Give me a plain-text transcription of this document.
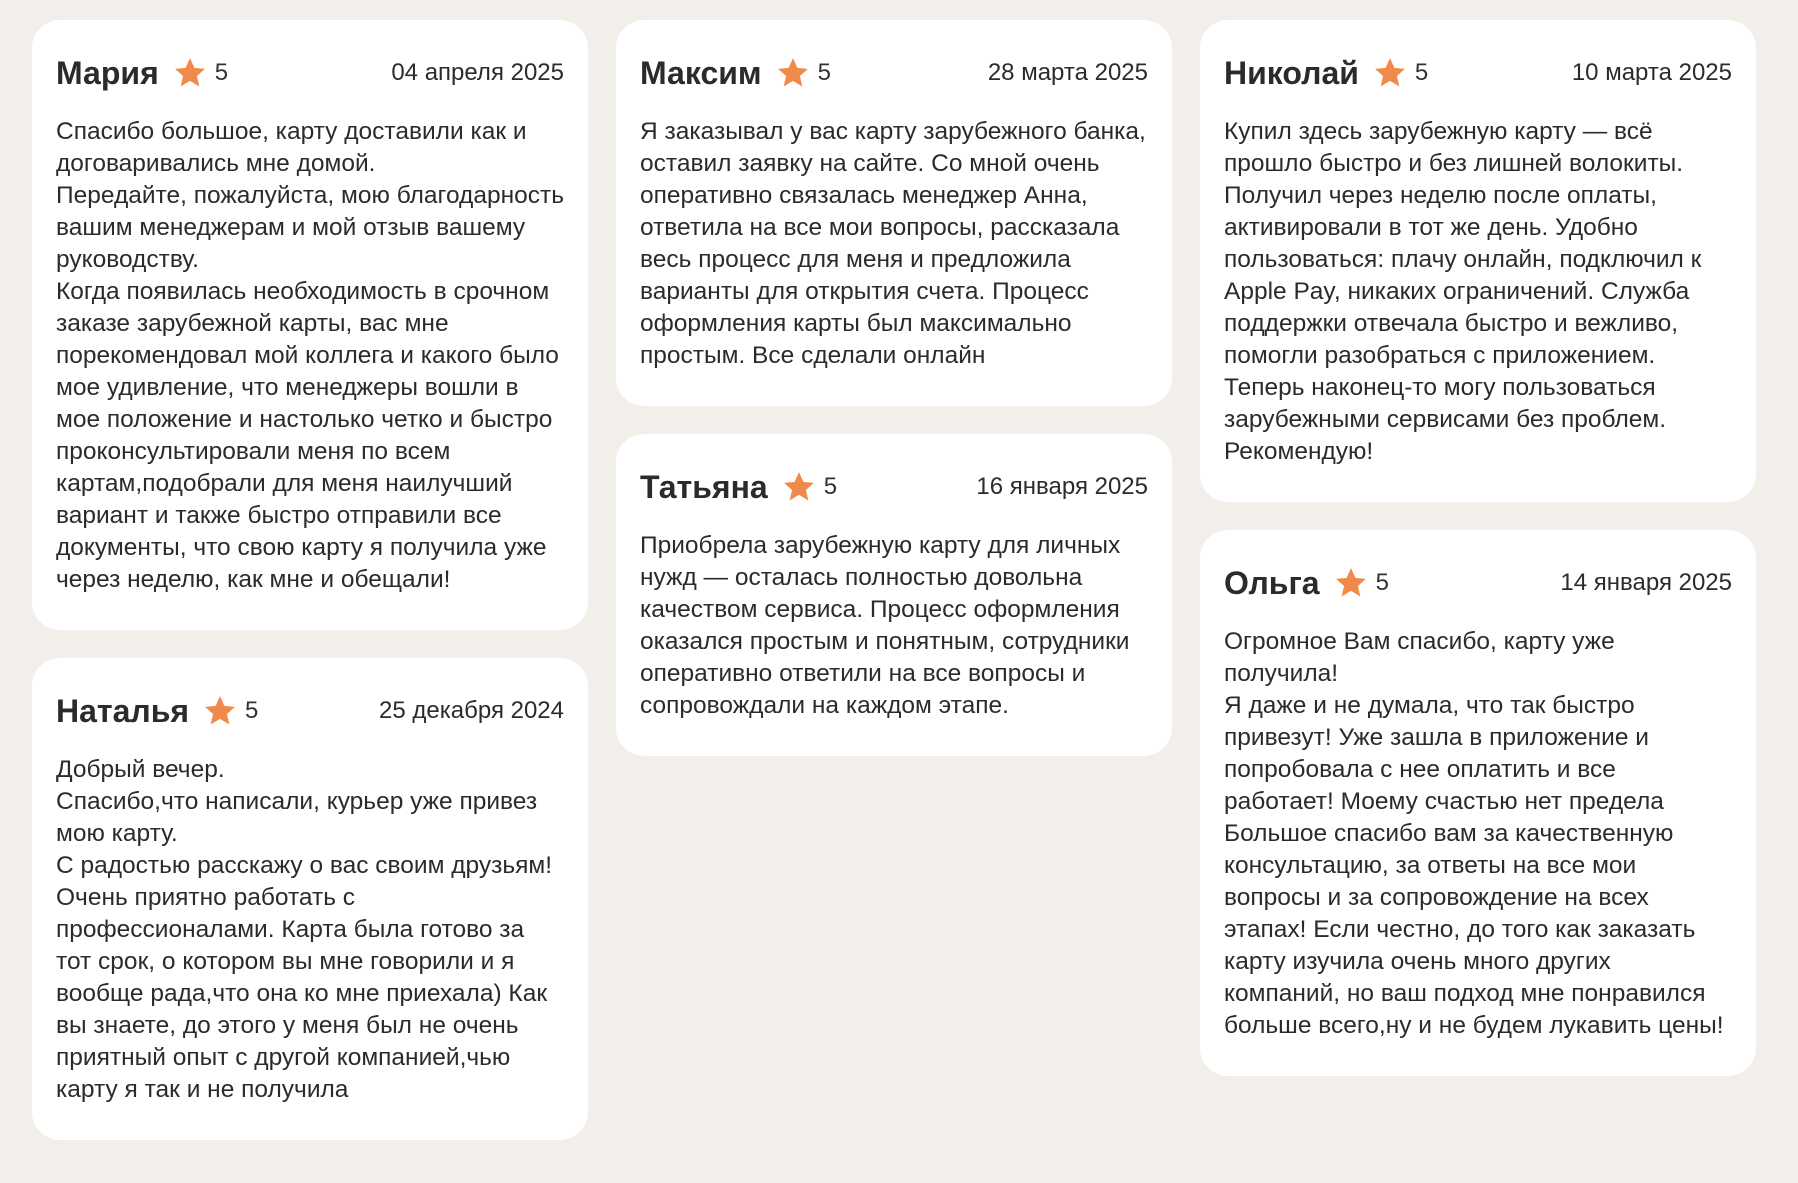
Мария 5	04 апреля 2025
Спасибо большое, карту доставили как и договаривались мне домой.
Передайте, пожалуйста, мою благодарность вашим менеджерам и мой отзыв вашему руководству.
Когда появилась необходимость в срочном заказе зарубежной карты, вас мне порекомендовал мой коллега и какого было мое удивление, что менеджеры вошли в мое положение и настолько четко и быстро проконсультировали меня по всем картам,подобрали для меня наилучший вариант и также быстро отправили все документы, что свою карту я получила уже через неделю, как мне и обещали!
Наталья 5	25 декабря 2024
Добрый вечер.
Спасибо,что написали, курьер уже привез мою карту.
С радостью расскажу о вас своим друзьям! Очень приятно работать с профессионалами. Карта была готово за тот срок, о котором вы мне говорили и я вообще рада,что она ко мне приехала) Как вы знаете, до этого у меня был не очень приятный опыт с другой компанией,чью карту я так и не получила
Максим 5	28 марта 2025
Я заказывал у вас карту зарубежного банка, оставил заявку на сайте. Со мной очень оперативно связалась менеджер Анна, ответила на все мои вопросы, рассказала весь процесс для меня и предложила варианты для открытия счета. Процесс оформления карты был максимально простым. Все сделали онлайн
Татьяна 5	16 января 2025
Приобрела зарубежную карту для личных нужд — осталась полностью довольна качеством сервиса. Процесс оформления оказался простым и понятным, сотрудники оперативно ответили на все вопросы и сопровождали на каждом этапе.
Николай 5	10 марта 2025
Купил здесь зарубежную карту — всё прошло быстро и без лишней волокиты. Получил через неделю после оплаты, активировали в тот же день. Удобно пользоваться: плачу онлайн, подключил к Apple Pay, никаких ограничений. Служба поддержки отвечала быстро и вежливо, помогли разобраться с приложением. Теперь наконец-то могу пользоваться зарубежными сервисами без проблем. Рекомендую!
Ольга 5	14 января 2025
Огромное Вам спасибо, карту уже получила!
Я даже и не думала, что так быстро привезут! Уже зашла в приложение и попробовала с нее оплатить и все работает! Моему счастью нет предела
Большое спасибо вам за качественную консультацию, за ответы на все мои вопросы и за сопровождение на всех этапах! Если честно, до того как заказать карту изучила очень много других компаний, но ваш подход мне понравился больше всего,ну и не будем лукавить цены!
